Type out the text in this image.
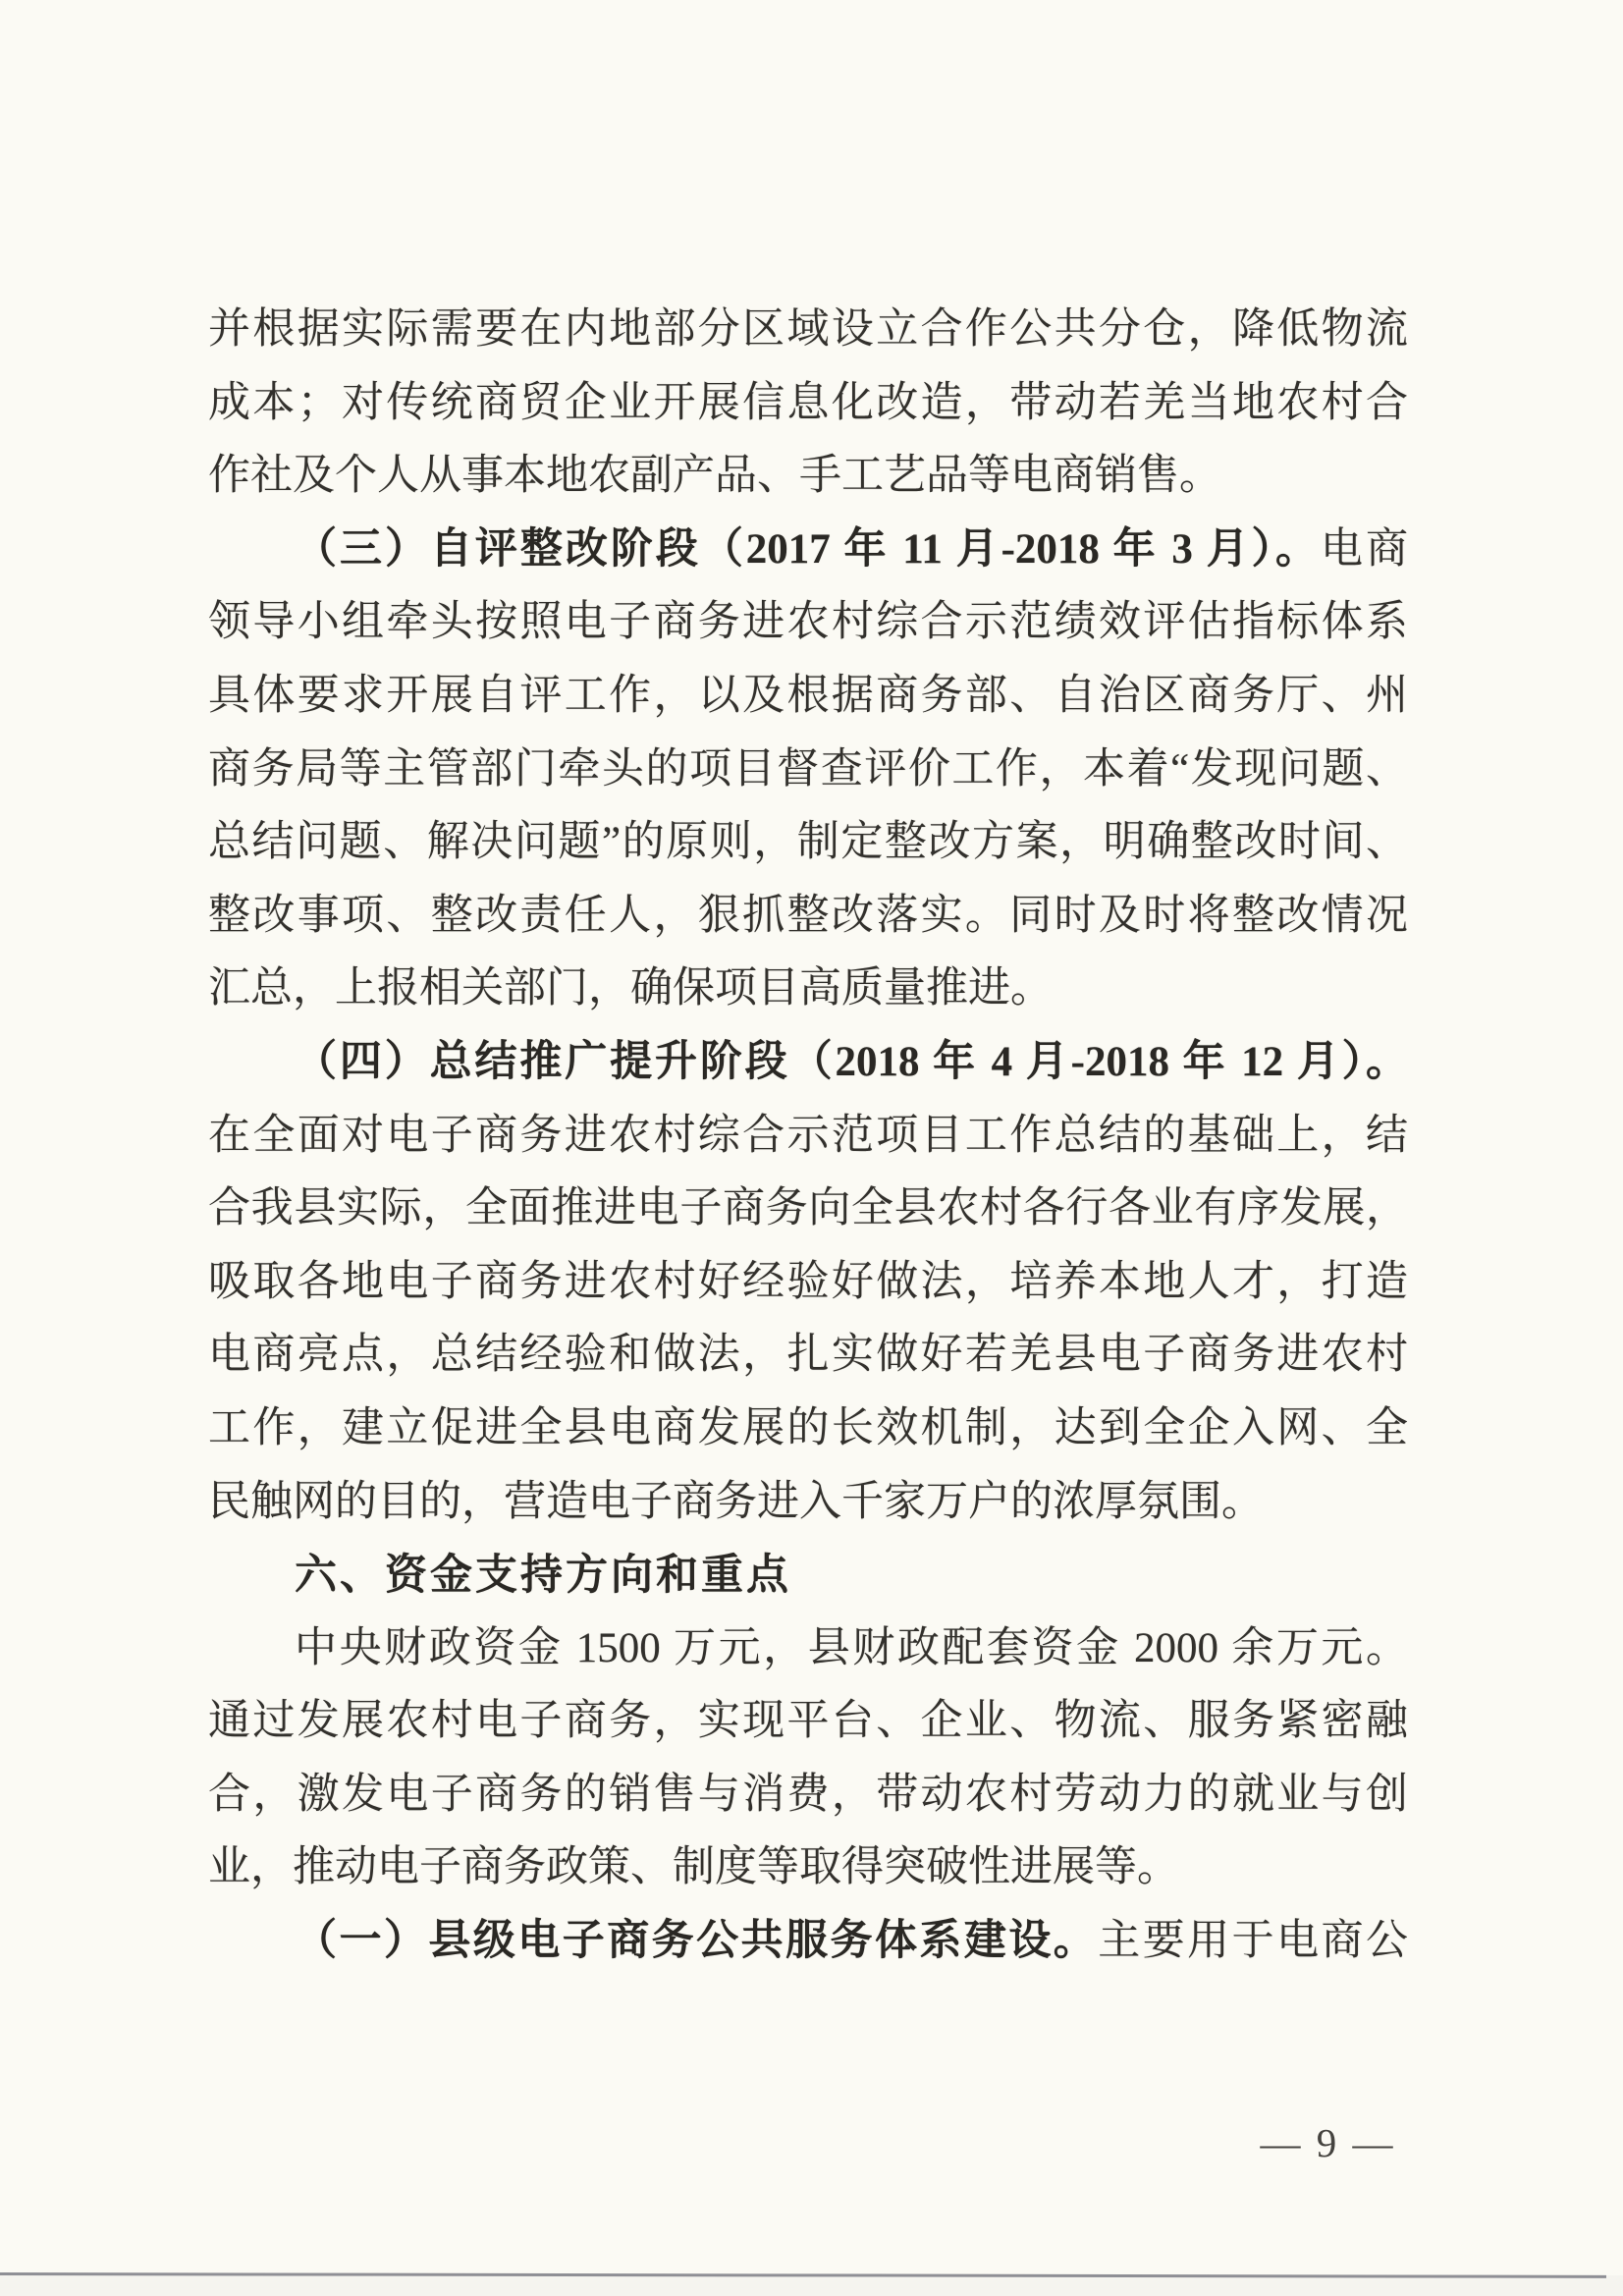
并根据实际需要在内地部分区域设立合作公共分仓，降低物流
成本；对传统商贸企业开展信息化改造，带动若羌当地农村合
作社及个人从事本地农副产品、手工艺品等电商销售。
（三）自评整改阶段（2017 年 11 月-2018 年 3 月）。电商
领导小组牵头按照电子商务进农村综合示范绩效评估指标体系
具体要求开展自评工作，以及根据商务部、自治区商务厅、州
商务局等主管部门牵头的项目督查评价工作，本着“发现问题、
总结问题、解决问题”的原则，制定整改方案，明确整改时间、
整改事项、整改责任人，狠抓整改落实。同时及时将整改情况
汇总，上报相关部门，确保项目高质量推进。
（四）总结推广提升阶段（2018 年 4 月-2018 年 12 月）。
在全面对电子商务进农村综合示范项目工作总结的基础上，结
合我县实际，全面推进电子商务向全县农村各行各业有序发展，
吸取各地电子商务进农村好经验好做法，培养本地人才，打造
电商亮点，总结经验和做法，扎实做好若羌县电子商务进农村
工作，建立促进全县电商发展的长效机制，达到全企入网、全
民触网的目的，营造电子商务进入千家万户的浓厚氛围。
六、资金支持方向和重点
中央财政资金 1500 万元，县财政配套资金 2000 余万元。
通过发展农村电子商务，实现平台、企业、物流、服务紧密融
合，激发电子商务的销售与消费，带动农村劳动力的就业与创
业，推动电子商务政策、制度等取得突破性进展等。
（一）县级电子商务公共服务体系建设。主要用于电商公
— 9 —
